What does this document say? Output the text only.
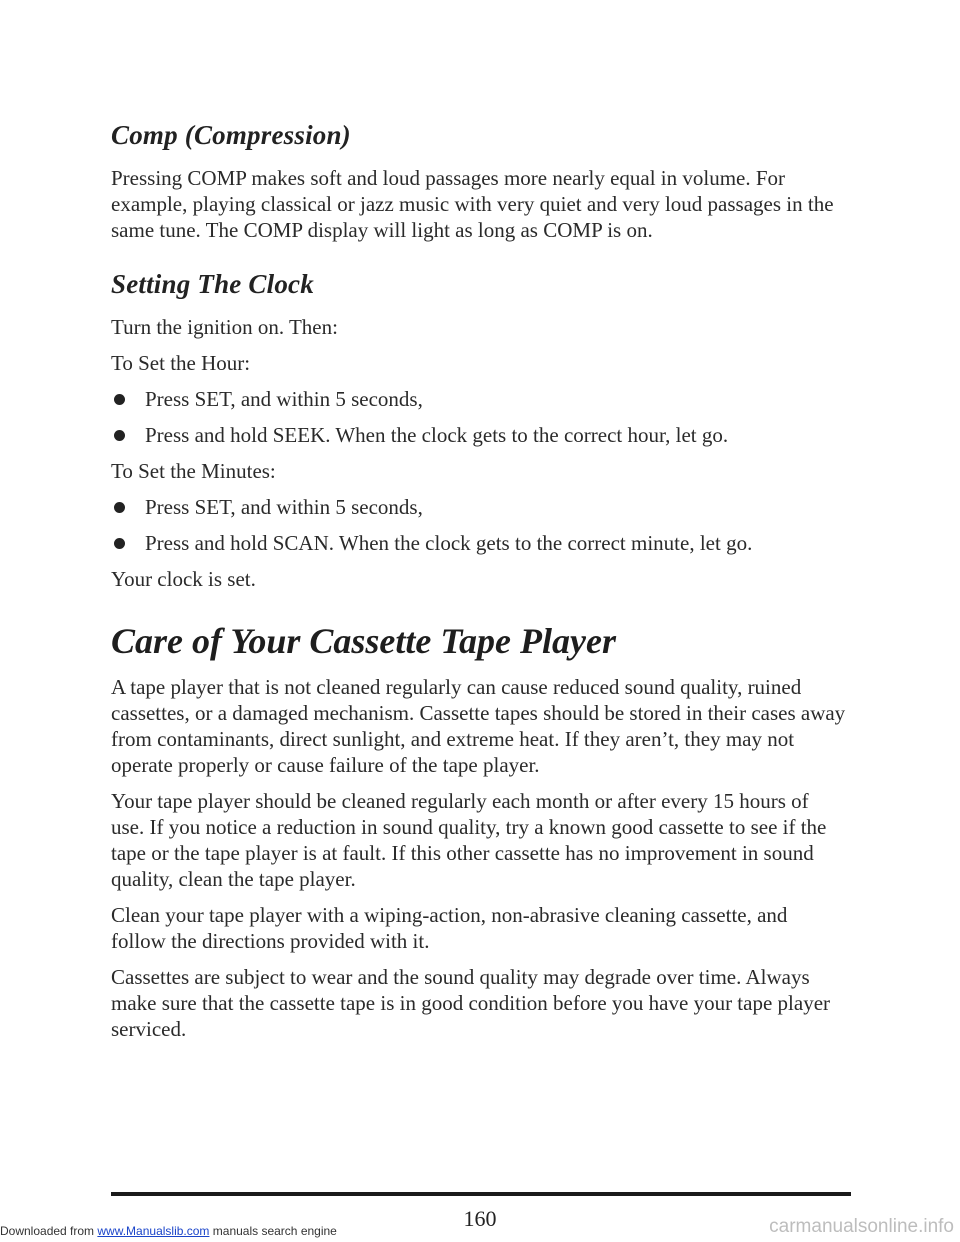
Comp (Compression)

Pressing COMP makes soft and loud passages more nearly equal in volume. For example, playing classical or jazz music with very quiet and very loud passages in the same tune. The COMP display will light as long as COMP is on.

Setting The Clock

Turn the ignition on. Then:

To Set the Hour:

Press SET, and within 5 seconds,
Press and hold SEEK. When the clock gets to the correct hour, let go.

To Set the Minutes:

Press SET, and within 5 seconds,
Press and hold SCAN. When the clock gets to the correct minute, let go.

Your clock is set.

Care of Your Cassette Tape Player

A tape player that is not cleaned regularly can cause reduced sound quality, ruined cassettes, or a damaged mechanism. Cassette tapes should be stored in their cases away from contaminants, direct sunlight, and extreme heat. If they aren’t, they may not operate properly or cause failure of the tape player.

Your tape player should be cleaned regularly each month or after every 15 hours of use. If you notice a reduction in sound quality, try a known good cassette to see if the tape or the tape player is at fault. If this other cassette has no improvement in sound quality, clean the tape player.

Clean your tape player with a wiping-action, non-abrasive cleaning cassette, and follow the directions provided with it.

Cassettes are subject to wear and the sound quality may degrade over time. Always make sure that the cassette tape is in good condition before you have your tape player serviced.

160
Downloaded from www.Manualslib.com manuals search engine	carmanualsonline.info
